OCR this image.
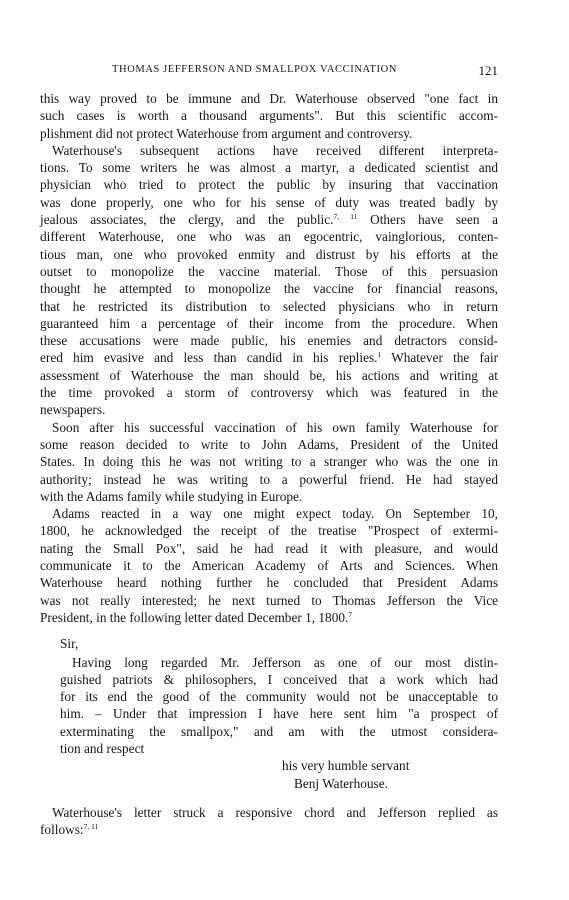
THOMAS JEFFERSON AND SMALLPOX VACCINATION	121

this way proved to be immune and Dr. Waterhouse observed "one fact in
such cases is worth a thousand arguments". But this scientific accom-
plishment did not protect Waterhouse from argument and controversy.

Waterhouse's subsequent actions have received different interpreta-
tions. To some writers he was almost a martyr, a dedicated scientist and
physician who tried to protect the public by insuring that vaccination
was done properly, one who for his sense of duty was treated badly by
jealous associates, the clergy, and the public.$^{7, 11}$ Others have seen a
different Waterhouse, one who was an egocentric, vainglorious, conten-
tious man, one who provoked enmity and distrust by his efforts at the
outset to monopolize the vaccine material. Those of this persuasion
thought he attempted to monopolize the vaccine for financial reasons,
that he restricted its distribution to selected physicians who in return
guaranteed him a percentage of their income from the procedure. When
these accusations were made public, his enemies and detractors consid-
ered him evasive and less than candid in his replies.$^1$ Whatever the fair
assessment of Waterhouse the man should be, his actions and writing at
the time provoked a storm of controversy which was featured in the
newspapers.

Soon after his successful vaccination of his own family Waterhouse for
some reason decided to write to John Adams, President of the United
States. In doing this he was not writing to a stranger who was the one in
authority; instead he was writing to a powerful friend. He had stayed
with the Adams family while studying in Europe.

Adams reacted in a way one might expect today. On September 10,
1800, he acknowledged the receipt of the treatise "Prospect of extermi-
nating the Small Pox", said he had read it with pleasure, and would
communicate it to the American Academy of Arts and Sciences. When
Waterhouse heard nothing further he concluded that President Adams
was not really interested; he next turned to Thomas Jefferson the Vice
President, in the following letter dated December 1, 1800.$^7$

Sir,
Having long regarded Mr. Jefferson as one of our most distin-
guished patriots & philosophers, I conceived that a work which had
for its end the good of the community would not be unacceptable to
him. – Under that impression I have here sent him "a prospect of
exterminating the smallpox," and am with the utmost considera-
tion and respect
his very humble servant
Benj Waterhouse.

Waterhouse's letter struck a responsive chord and Jefferson replied as
follows:$^{7, 11}$
